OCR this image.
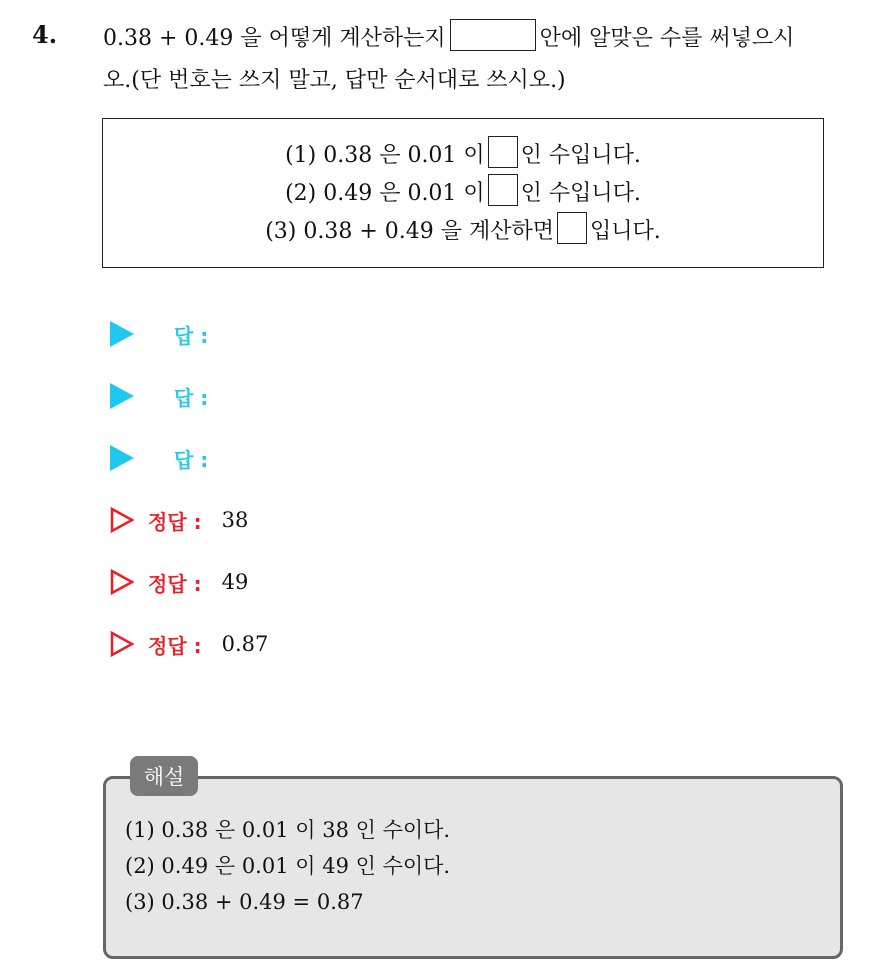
4. 0.38 + 0.49 을 어떻게 계산하는지	안에 알맞은 수를 써넣으시
오.(단 번호는 쓰지 말고, 답만 순서대로 쓰시오.)
(1) 0.38 은 0.01 이 인 수입니다.
(2) 0.49 은 0.01 이 인 수입니다.
(3) 0.38 + 0.49 을 계산하면 입니다.
답 :
답 :
답 :
정답 : 38
정답 : 49
정답 : 0.87
해설
(1) 0.38 은 0.01 이 38 인 수이다.
(2) 0.49 은 0.01 이 49 인 수이다.
(3) 0.38 + 0.49 = 0.87
